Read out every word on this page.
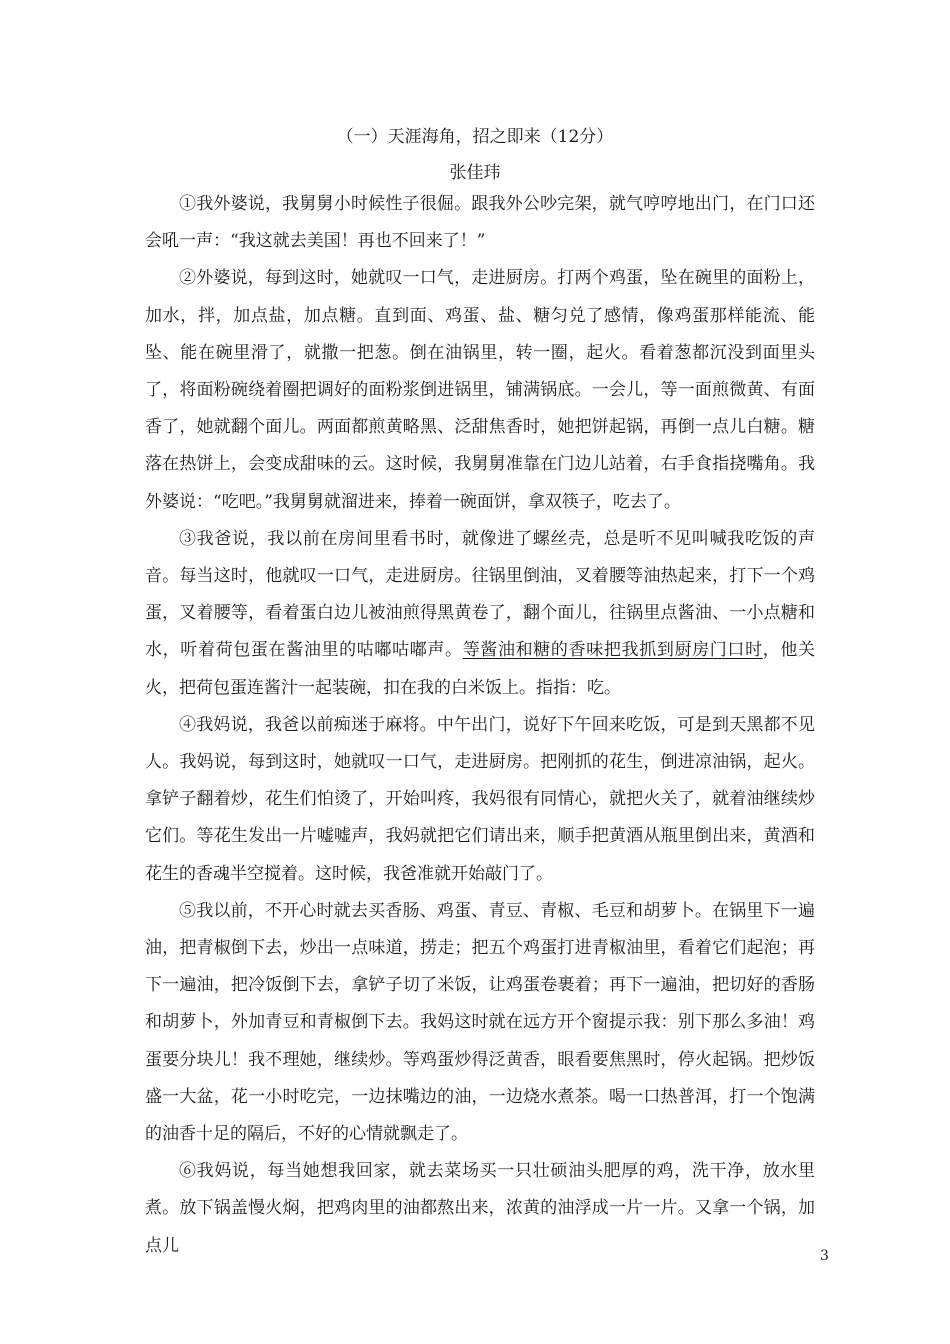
（一）天涯海角，招之即来（12分）
张佳玮

①我外婆说，我舅舅小时候性子很倔。跟我外公吵完架，就气哼哼地出门，在门口还会吼一声：“我这就去美国！再也不回来了！”

②外婆说，每到这时，她就叹一口气，走进厨房。打两个鸡蛋，坠在碗里的面粉上，加水，拌，加点盐，加点糖。直到面、鸡蛋、盐、糖匀兑了感情，像鸡蛋那样能流、能坠、能在碗里滑了，就撒一把葱。倒在油锅里，转一圈，起火。看着葱都沉没到面里头了，将面粉碗绕着圈把调好的面粉浆倒进锅里，铺满锅底。一会儿，等一面煎微黄、有面香了，她就翻个面儿。两面都煎黄略黑、泛甜焦香时，她把饼起锅，再倒一点儿白糖。糖落在热饼上，会变成甜味的云。这时候，我舅舅准靠在门边儿站着，右手食指挠嘴角。我外婆说：“吃吧。”我舅舅就溜进来，捧着一碗面饼，拿双筷子，吃去了。

③我爸说，我以前在房间里看书时，就像进了螺丝壳，总是听不见叫喊我吃饭的声音。每当这时，他就叹一口气，走进厨房。往锅里倒油，叉着腰等油热起来，打下一个鸡蛋，叉着腰等，看着蛋白边儿被油煎得黑黄卷了，翻个面儿，往锅里点酱油、一小点糖和水，听着荷包蛋在酱油里的咕嘟咕嘟声。等酱油和糖的香味把我抓到厨房门口时，他关火，把荷包蛋连酱汁一起装碗，扣在我的白米饭上。指指：吃。

④我妈说，我爸以前痴迷于麻将。中午出门，说好下午回来吃饭，可是到天黑都不见人。我妈说，每到这时，她就叹一口气，走进厨房。把刚抓的花生，倒进凉油锅，起火。拿铲子翻着炒，花生们怕烫了，开始叫疼，我妈很有同情心，就把火关了，就着油继续炒它们。等花生发出一片嘘嘘声，我妈就把它们请出来，顺手把黄酒从瓶里倒出来，黄酒和花生的香魂半空搅着。这时候，我爸准就开始敲门了。

⑤我以前，不开心时就去买香肠、鸡蛋、青豆、青椒、毛豆和胡萝卜。在锅里下一遍油，把青椒倒下去，炒出一点味道，捞走；把五个鸡蛋打进青椒油里，看着它们起泡；再下一遍油，把冷饭倒下去，拿铲子切了米饭，让鸡蛋卷裹着；再下一遍油，把切好的香肠和胡萝卜，外加青豆和青椒倒下去。我妈这时就在远方开个窗提示我：别下那么多油！鸡蛋要分块儿！我不理她，继续炒。等鸡蛋炒得泛黄香，眼看要焦黑时，停火起锅。把炒饭盛一大盆，花一小时吃完，一边抹嘴边的油，一边烧水煮茶。喝一口热普洱，打一个饱满的油香十足的隔后，不好的心情就飘走了。

⑥我妈说，每当她想我回家，就去菜场买一只壮硕油头肥厚的鸡，洗干净，放水里煮。放下锅盖慢火焖，把鸡肉里的油都熬出来，浓黄的油浮成一片一片。又拿一个锅，加点儿

3
